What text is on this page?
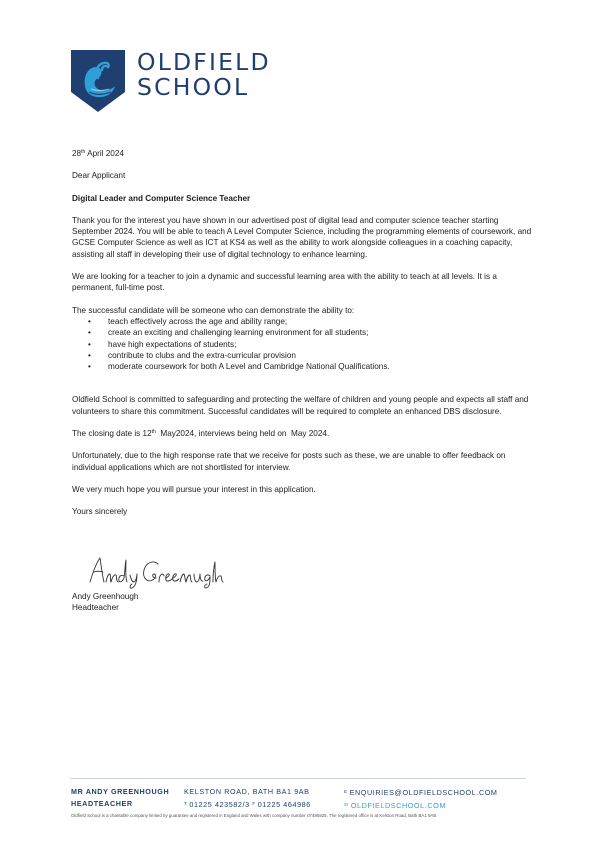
OLDFIELD
SCHOOL

28th April 2024

Dear Applicant

Digital Leader and Computer Science Teacher

Thank you for the interest you have shown in our advertised post of digital lead and computer science teacher starting September 2024. You will be able to teach A Level Computer Science, including the programming elements of coursework, and GCSE Computer Science as well as ICT at KS4 as well as the ability to work alongside colleagues in a coaching capacity, assisting all staff in developing their use of digital technology to enhance learning.

We are looking for a teacher to join a dynamic and successful learning area with the ability to teach at all levels. It is a permanent, full-time post.

The successful candidate will be someone who can demonstrate the ability to:

• teach effectively across the age and ability range;
• create an exciting and challenging learning environment for all students;
• have high expectations of students;
• contribute to clubs and the extra-curricular provision
• moderate coursework for both A Level and Cambridge National Qualifications.

Oldfield School is committed to safeguarding and protecting the welfare of children and young people and expects all staff and volunteers to share this commitment. Successful candidates will be required to complete an enhanced DBS disclosure.

The closing date is 12th  May2024, interviews being held on  May 2024.

Unfortunately, due to the high response rate that we receive for posts such as these, we are unable to offer feedback on individual applications which are not shortlisted for interview.

We very much hope you will pursue your interest in this application.

Yours sincerely

Andy Greenhough

Headteacher

MR ANDY GREENHOUGH
HEADTEACHER
KELSTON ROAD, BATH BA1 9AB
$^T$ 01225 423582/3 $^F$ 01225 464986
$^E$ ENQUIRIES@OLDFIELDSCHOOL.COM
$^W$ OLDFIELDSCHOOL.COM
Oldfield School is a charitable company limited by guarantee and registered in England and Wales with company number 07495925. The registered office is at Kelston Road, Bath BA1 9AB
